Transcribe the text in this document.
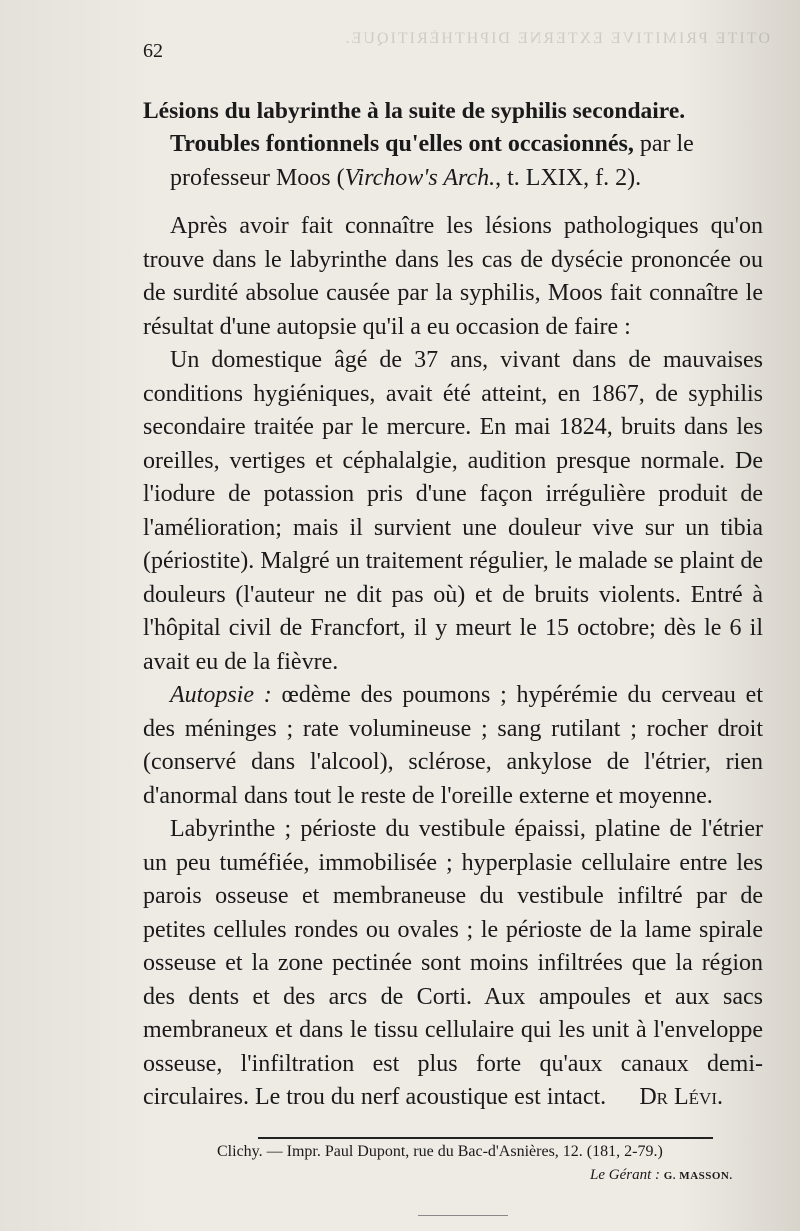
62
OTITE PRIMITIVE EXTERNE DIPHTHÉRITIQUE.
Lésions du labyrinthe à la suite de syphilis secondaire.
Troubles fontionnels qu'elles ont occasionnés, par le
professeur Moos (Virchow's Arch., t. LXIX, f. 2).

Après avoir fait connaître les lésions pathologiques qu'on trouve dans le labyrinthe dans les cas de dysécie prononcée ou de surdité absolue causée par la syphilis, Moos fait connaître le résultat d'une autopsie qu'il a eu occasion de faire :

Un domestique âgé de 37 ans, vivant dans de mauvaises conditions hygiéniques, avait été atteint, en 1867, de syphilis secondaire traitée par le mercure. En mai 1824, bruits dans les oreilles, vertiges et céphalalgie, audition presque normale. De l'iodure de potassion pris d'une façon irrégulière produit de l'amélioration; mais il survient une douleur vive sur un tibia (périostite). Malgré un traitement régulier, le malade se plaint de douleurs (l'auteur ne dit pas où) et de bruits violents. Entré à l'hôpital civil de Francfort, il y meurt le 15 octobre; dès le 6 il avait eu de la fièvre.

Autopsie : œdème des poumons ; hypérémie du cerveau et des méninges ; rate volumineuse ; sang rutilant ; rocher droit (conservé dans l'alcool), sclérose, ankylose de l'étrier, rien d'anormal dans tout le reste de l'oreille externe et moyenne.

Labyrinthe ; périoste du vestibule épaissi, platine de l'étrier un peu tuméfiée, immobilisée ; hyperplasie cellulaire entre les parois osseuse et membraneuse du vestibule infiltré par de petites cellules rondes ou ovales ; le périoste de la lame spirale osseuse et la zone pectinée sont moins infiltrées que la région des dents et des arcs de Corti. Aux ampoules et aux sacs membraneux et dans le tissu cellulaire qui les unit à l'enveloppe osseuse, l'infiltration est plus forte qu'aux canaux demi-circulaires. Le trou du nerf acoustique est intact.	Dr Lévi.
Clichy. — Impr. Paul Dupont, rue du Bac-d'Asnières, 12. (181, 2-79.)
Le Gérant : G. MASSON.
